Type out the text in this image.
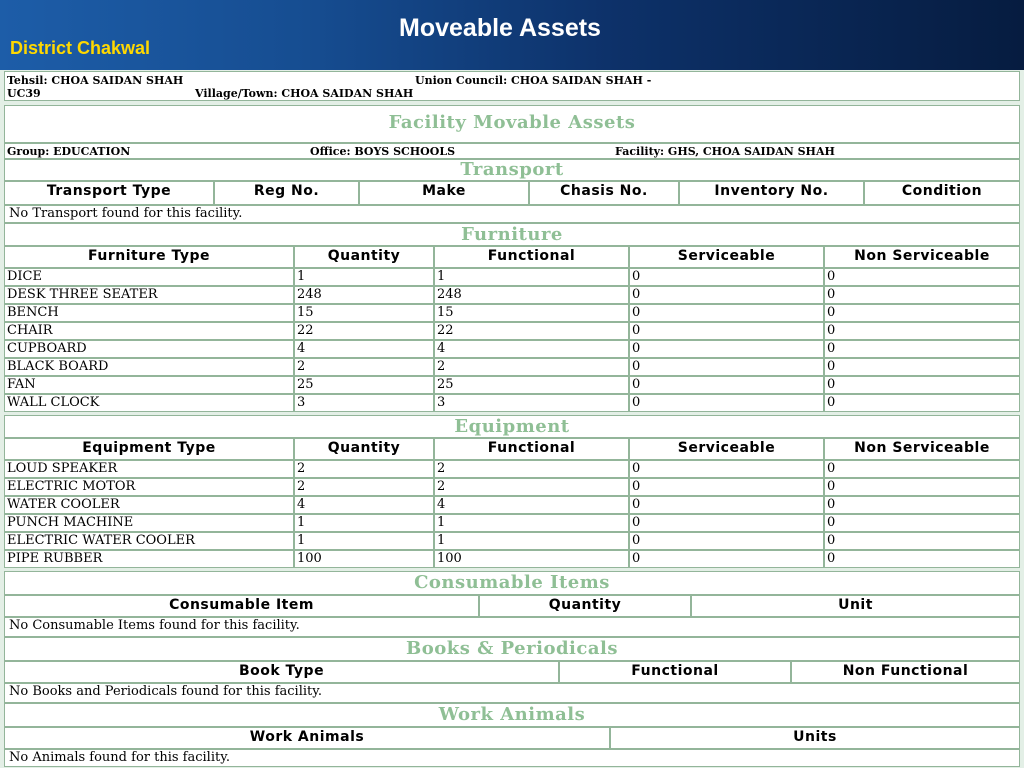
Moveable Assets
District Chakwal
Tehsil: CHOA SAIDAN SHAH	Union Council: CHOA SAIDAN SHAH -
UC39	Village/Town: CHOA SAIDAN SHAH
Facility Movable Assets
Group: EDUCATION	Office: BOYS SCHOOLS	Facility: GHS, CHOA SAIDAN SHAH
Transport
Transport Type	Reg No.	Make	Chasis No.	Inventory No.	Condition
No Transport found for this facility.
Furniture
Furniture Type	Quantity	Functional	Serviceable	Non Serviceable
DICE	1	1	0	0
DESK THREE SEATER	248	248	0	0
BENCH	15	15	0	0
CHAIR	22	22	0	0
CUPBOARD	4	4	0	0
BLACK BOARD	2	2	0	0
FAN	25	25	0	0
WALL CLOCK	3	3	0	0
Equipment
Equipment Type	Quantity	Functional	Serviceable	Non Serviceable
LOUD SPEAKER	2	2	0	0
ELECTRIC MOTOR	2	2	0	0
WATER COOLER	4	4	0	0
PUNCH MACHINE	1	1	0	0
ELECTRIC WATER COOLER	1	1	0	0
PIPE RUBBER	100	100	0	0
Consumable Items
Consumable Item	Quantity	Unit
No Consumable Items found for this facility.
Books & Periodicals
Book Type	Functional	Non Functional
No Books and Periodicals found for this facility.
Work Animals
Work Animals	Units
No Animals found for this facility.
